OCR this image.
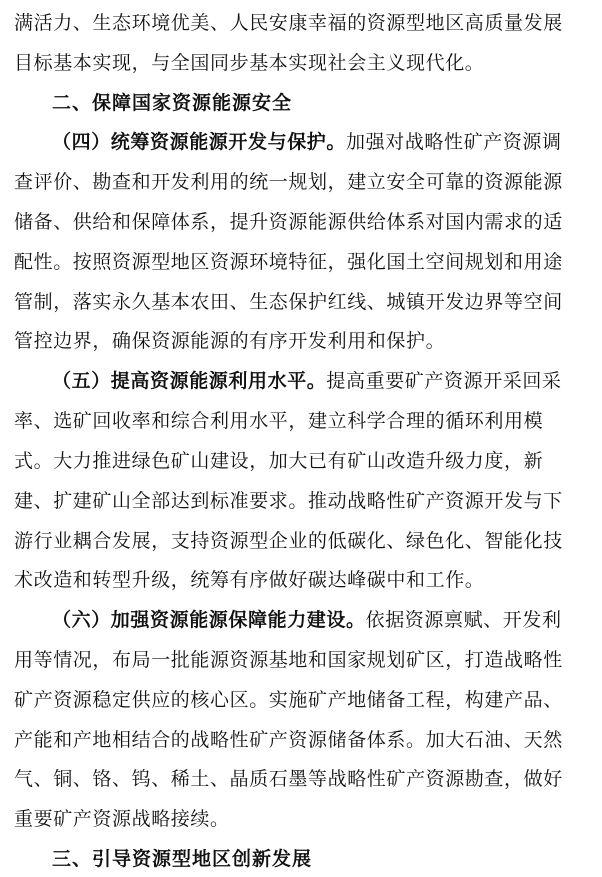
满活力、生态环境优美、人民安康幸福的资源型地区高质量发展
目标基本实现，与全国同步基本实现社会主义现代化。
二、保障国家资源能源安全
（四）统筹资源能源开发与保护。加强对战略性矿产资源调
查评价、勘查和开发利用的统一规划，建立安全可靠的资源能源
储备、供给和保障体系，提升资源能源供给体系对国内需求的适
配性。按照资源型地区资源环境特征，强化国土空间规划和用途
管制，落实永久基本农田、生态保护红线、城镇开发边界等空间
管控边界，确保资源能源的有序开发利用和保护。
（五）提高资源能源利用水平。提高重要矿产资源开采回采
率、选矿回收率和综合利用水平，建立科学合理的循环利用模
式。大力推进绿色矿山建设，加大已有矿山改造升级力度，新
建、扩建矿山全部达到标准要求。推动战略性矿产资源开发与下
游行业耦合发展，支持资源型企业的低碳化、绿色化、智能化技
术改造和转型升级，统筹有序做好碳达峰碳中和工作。
（六）加强资源能源保障能力建设。依据资源禀赋、开发利
用等情况，布局一批能源资源基地和国家规划矿区，打造战略性
矿产资源稳定供应的核心区。实施矿产地储备工程，构建产品、
产能和产地相结合的战略性矿产资源储备体系。加大石油、天然
气、铜、铬、钨、稀土、晶质石墨等战略性矿产资源勘查，做好
重要矿产资源战略接续。
三、引导资源型地区创新发展
